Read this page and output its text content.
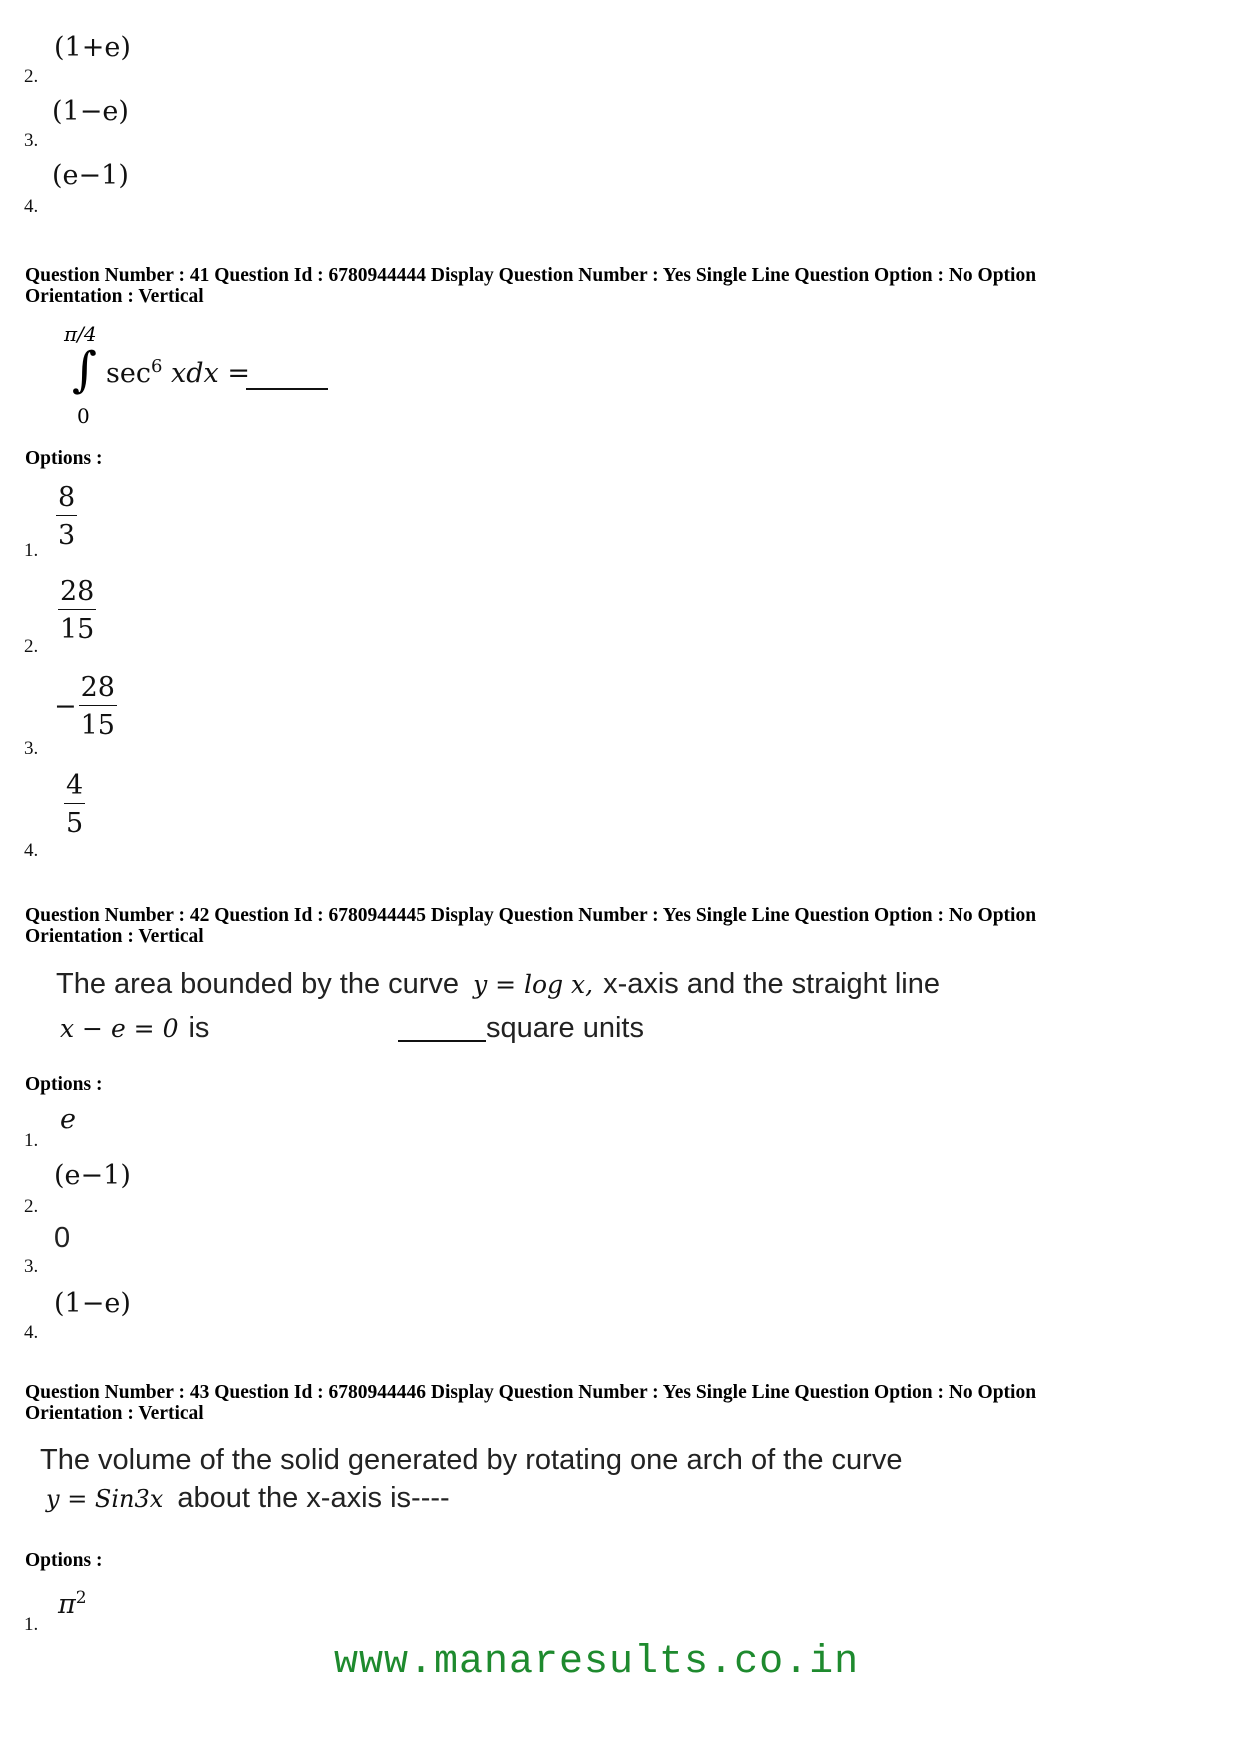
2.
(1+e)
3.
(1−e)
4.
(e−1)
Question Number : 41 Question Id : 6780944444 Display Question Number : Yes Single Line Question Option : No Option
Orientation : Vertical
π/4
∫
0
$\sec^6$ xdx =
Options :
1.
$\frac{8}{3}$
2.
$\frac{28}{15}$
3.
− $\frac{28}{15}$
4.
$\frac{4}{5}$
Question Number : 42 Question Id : 6780944445 Display Question Number : Yes Single Line Question Option : No Option
Orientation : Vertical
The area bounded by the curve y = log x, x-axis and the straight line
x − e = 0 is	square units
Options :
1.
e
2.
(e−1)
3.
0
4.
(1−e)
Question Number : 43 Question Id : 6780944446 Display Question Number : Yes Single Line Question Option : No Option
Orientation : Vertical
The volume of the solid generated by rotating one arch of the curve
y = Sin3x about the x-axis is----
Options :
1.
$\pi^2$
www.manaresults.co.in
